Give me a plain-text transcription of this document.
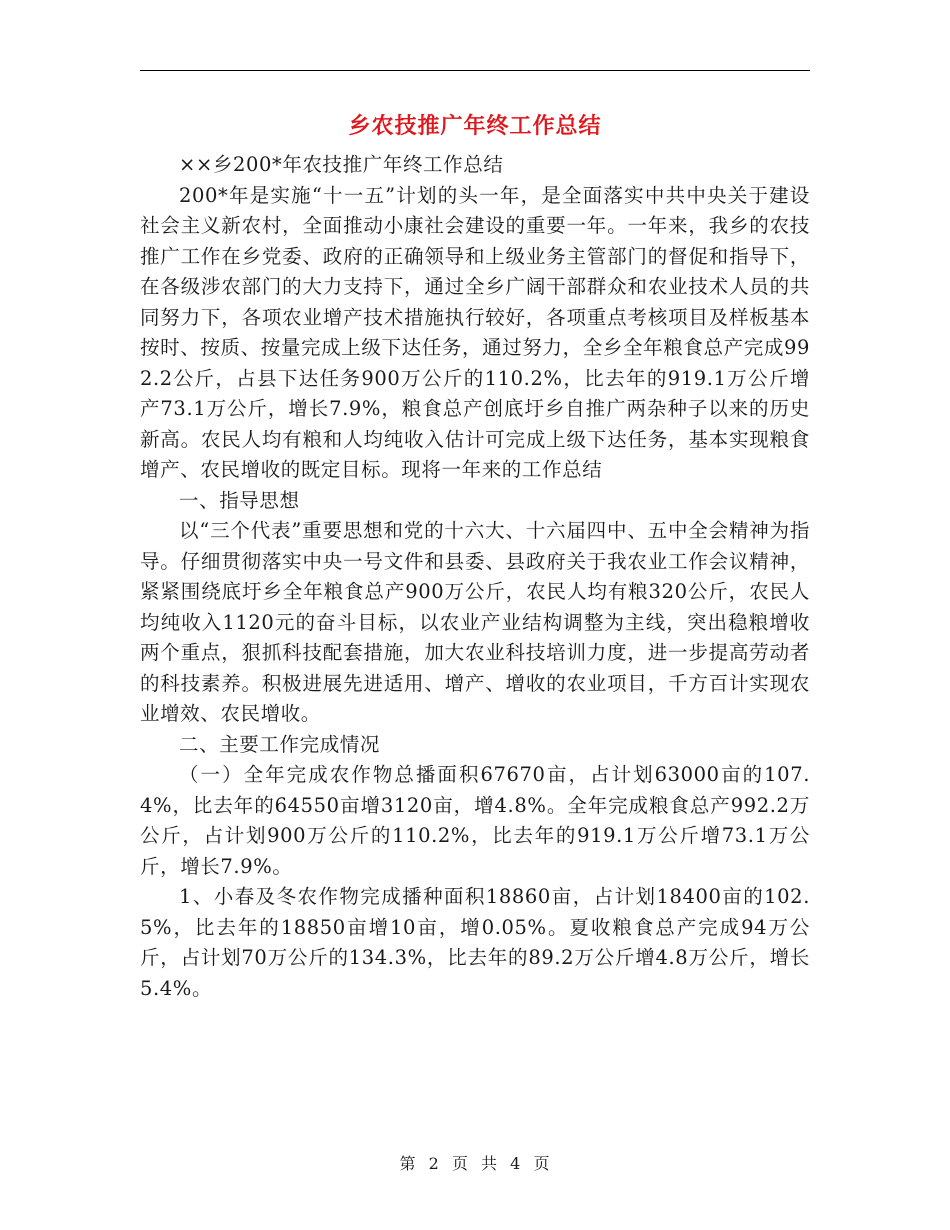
乡农技推广年终工作总结

××乡200*年农技推广年终工作总结

200*年是实施“十一五”计划的头一年，是全面落实中共中央关于建设社会主义新农村，全面推动小康社会建设的重要一年。一年来，我乡的农技推广工作在乡党委、政府的正确领导和上级业务主管部门的督促和指导下，在各级涉农部门的大力支持下，通过全乡广阔干部群众和农业技术人员的共同努力下，各项农业增产技术措施执行较好，各项重点考核项目及样板基本按时、按质、按量完成上级下达任务，通过努力，全乡全年粮食总产完成992.2公斤，占县下达任务900万公斤的110.2%，比去年的919.1万公斤增产73.1万公斤，增长7.9%，粮食总产创底圩乡自推广两杂种子以来的历史新高。农民人均有粮和人均纯收入估计可完成上级下达任务，基本实现粮食增产、农民增收的既定目标。现将一年来的工作总结

一、指导思想

以“三个代表”重要思想和党的十六大、十六届四中、五中全会精神为指导。仔细贯彻落实中央一号文件和县委、县政府关于我农业工作会议精神，紧紧围绕底圩乡全年粮食总产900万公斤，农民人均有粮320公斤，农民人均纯收入1120元的奋斗目标，以农业产业结构调整为主线，突出稳粮增收两个重点，狠抓科技配套措施，加大农业科技培训力度，进一步提高劳动者的科技素养。积极进展先进适用、增产、增收的农业项目，千方百计实现农业增效、农民增收。

二、主要工作完成情况

（一）全年完成农作物总播面积67670亩，占计划63000亩的107.4%，比去年的64550亩增3120亩，增4.8%。全年完成粮食总产992.2万公斤，占计划900万公斤的110.2%，比去年的919.1万公斤增73.1万公斤，增长7.9%。

1、小春及冬农作物完成播种面积18860亩，占计划18400亩的102.5%，比去年的18850亩增10亩，增0.05%。夏收粮食总产完成94万公斤，占计划70万公斤的134.3%，比去年的89.2万公斤增4.8万公斤，增长5.4%。

第 2 页 共 4 页
